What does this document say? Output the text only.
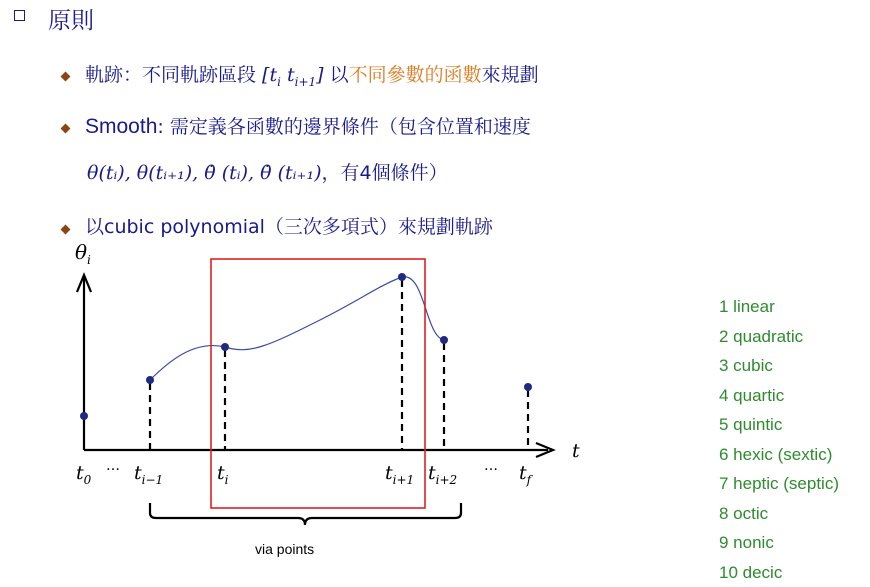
原則
軌跡：不同軌跡區段 [$t_i$ $t_{i+1}$] 以不同參數的函數來規劃
Smooth: 需定義各函數的邊界條件（包含位置和速度
θ(tᵢ), θ(tᵢ₊₁), θ̇ (tᵢ), θ̇ (tᵢ₊₁)，有4個條件）
以cubic polynomial（三次多項式）來規劃軌跡
$\theta_i$
t
$t_0$
… $t_{i-1}$	$t_i$	$t_{i+1}$ $t_{i+2}$
… $t_f$
via points
1 linear
2 quadratic
3 cubic
4 quartic
5 quintic
6 hexic (sextic)
7 heptic (septic)
8 octic
9 nonic
10 decic
